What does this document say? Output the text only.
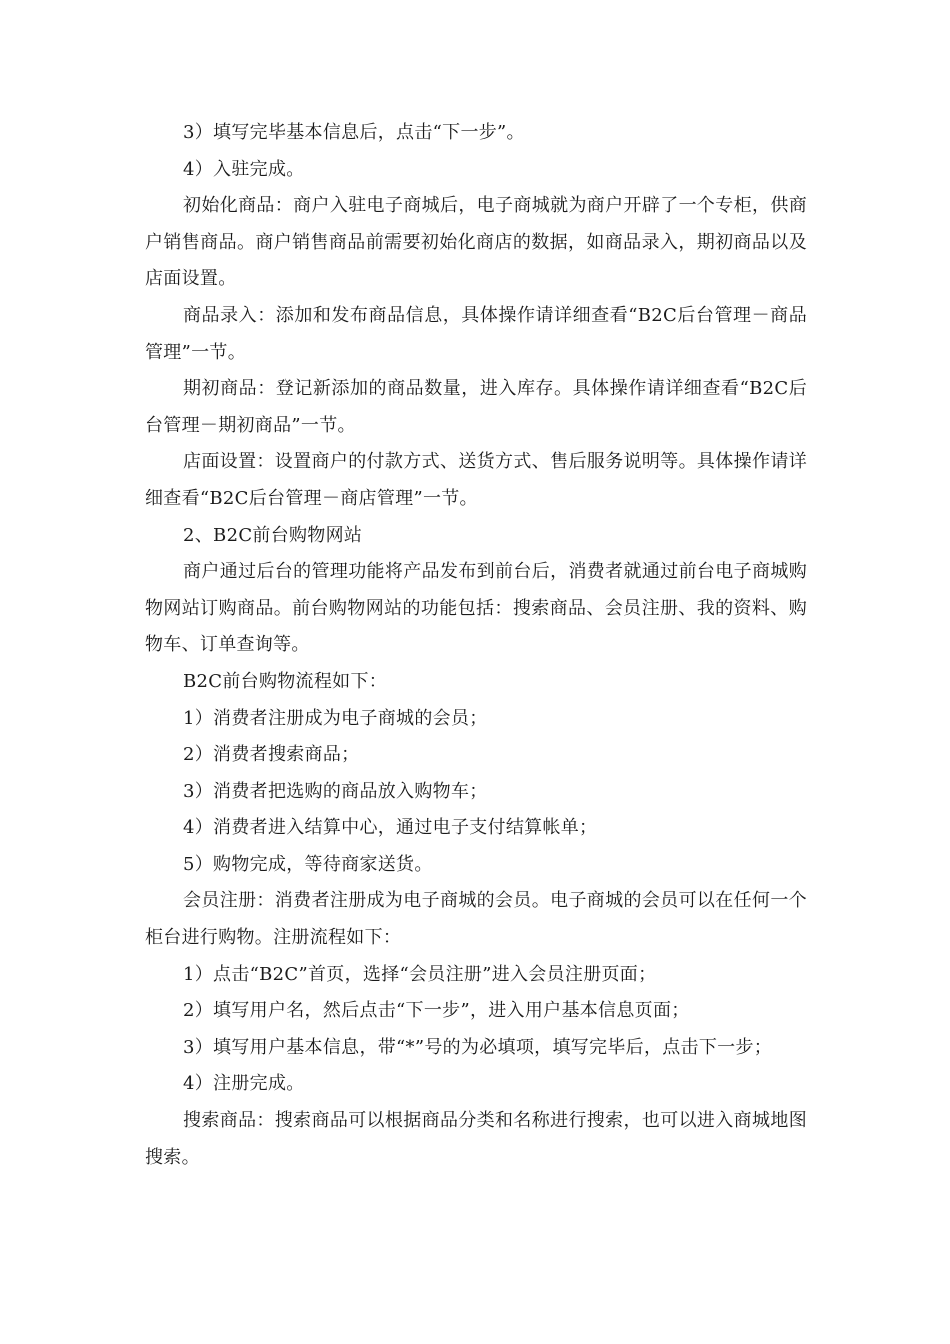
3）填写完毕基本信息后，点击“下一步”。

4）入驻完成。

初始化商品：商户入驻电子商城后，电子商城就为商户开辟了一个专柜，供商户销售商品。商户销售商品前需要初始化商店的数据，如商品录入，期初商品以及店面设置。

商品录入：添加和发布商品信息，具体操作请详细查看“B2C后台管理－商品管理”一节。

期初商品：登记新添加的商品数量，进入库存。具体操作请详细查看“B2C后台管理－期初商品”一节。

店面设置：设置商户的付款方式、送货方式、售后服务说明等。具体操作请详细查看“B2C后台管理－商店管理”一节。

2、B2C前台购物网站

商户通过后台的管理功能将产品发布到前台后，消费者就通过前台电子商城购物网站订购商品。前台购物网站的功能包括：搜索商品、会员注册、我的资料、购物车、订单查询等。

B2C前台购物流程如下：

1）消费者注册成为电子商城的会员；

2）消费者搜索商品；

3）消费者把选购的商品放入购物车；

4）消费者进入结算中心，通过电子支付结算帐单；

5）购物完成，等待商家送货。

会员注册：消费者注册成为电子商城的会员。电子商城的会员可以在任何一个柜台进行购物。注册流程如下：

1）点击“B2C”首页，选择“会员注册”进入会员注册页面；

2）填写用户名，然后点击“下一步”，进入用户基本信息页面；

3）填写用户基本信息，带“*”号的为必填项，填写完毕后，点击下一步；

4）注册完成。

搜索商品：搜索商品可以根据商品分类和名称进行搜索，也可以进入商城地图搜索。
